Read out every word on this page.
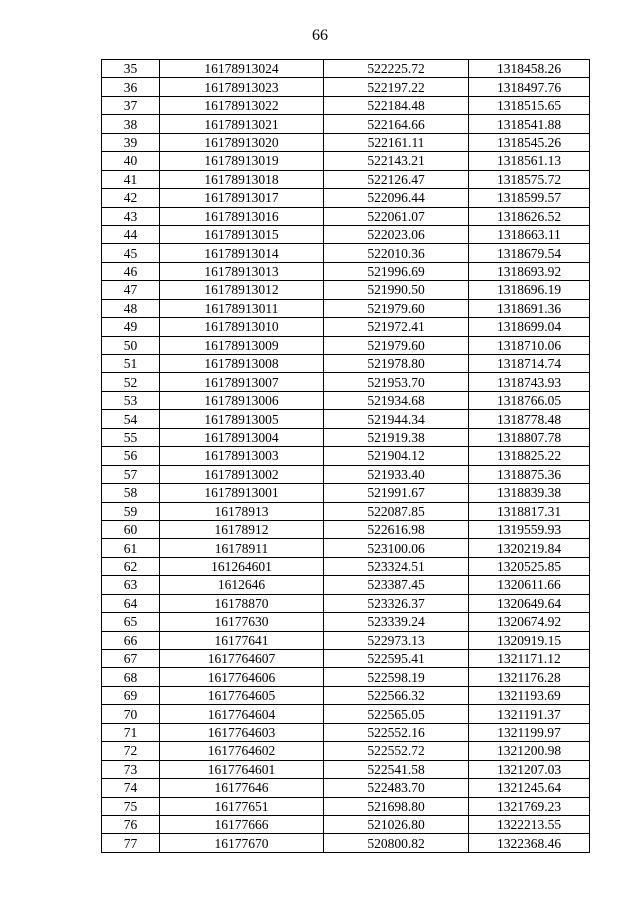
66
35	16178913024	522225.72	1318458.26
36	16178913023	522197.22	1318497.76
37	16178913022	522184.48	1318515.65
38	16178913021	522164.66	1318541.88
39	16178913020	522161.11	1318545.26
40	16178913019	522143.21	1318561.13
41	16178913018	522126.47	1318575.72
42	16178913017	522096.44	1318599.57
43	16178913016	522061.07	1318626.52
44	16178913015	522023.06	1318663.11
45	16178913014	522010.36	1318679.54
46	16178913013	521996.69	1318693.92
47	16178913012	521990.50	1318696.19
48	16178913011	521979.60	1318691.36
49	16178913010	521972.41	1318699.04
50	16178913009	521979.60	1318710.06
51	16178913008	521978.80	1318714.74
52	16178913007	521953.70	1318743.93
53	16178913006	521934.68	1318766.05
54	16178913005	521944.34	1318778.48
55	16178913004	521919.38	1318807.78
56	16178913003	521904.12	1318825.22
57	16178913002	521933.40	1318875.36
58	16178913001	521991.67	1318839.38
59	16178913	522087.85	1318817.31
60	16178912	522616.98	1319559.93
61	16178911	523100.06	1320219.84
62	161264601	523324.51	1320525.85
63	1612646	523387.45	1320611.66
64	16178870	523326.37	1320649.64
65	16177630	523339.24	1320674.92
66	16177641	522973.13	1320919.15
67	1617764607	522595.41	1321171.12
68	1617764606	522598.19	1321176.28
69	1617764605	522566.32	1321193.69
70	1617764604	522565.05	1321191.37
71	1617764603	522552.16	1321199.97
72	1617764602	522552.72	1321200.98
73	1617764601	522541.58	1321207.03
74	16177646	522483.70	1321245.64
75	16177651	521698.80	1321769.23
76	16177666	521026.80	1322213.55
77	16177670	520800.82	1322368.46
